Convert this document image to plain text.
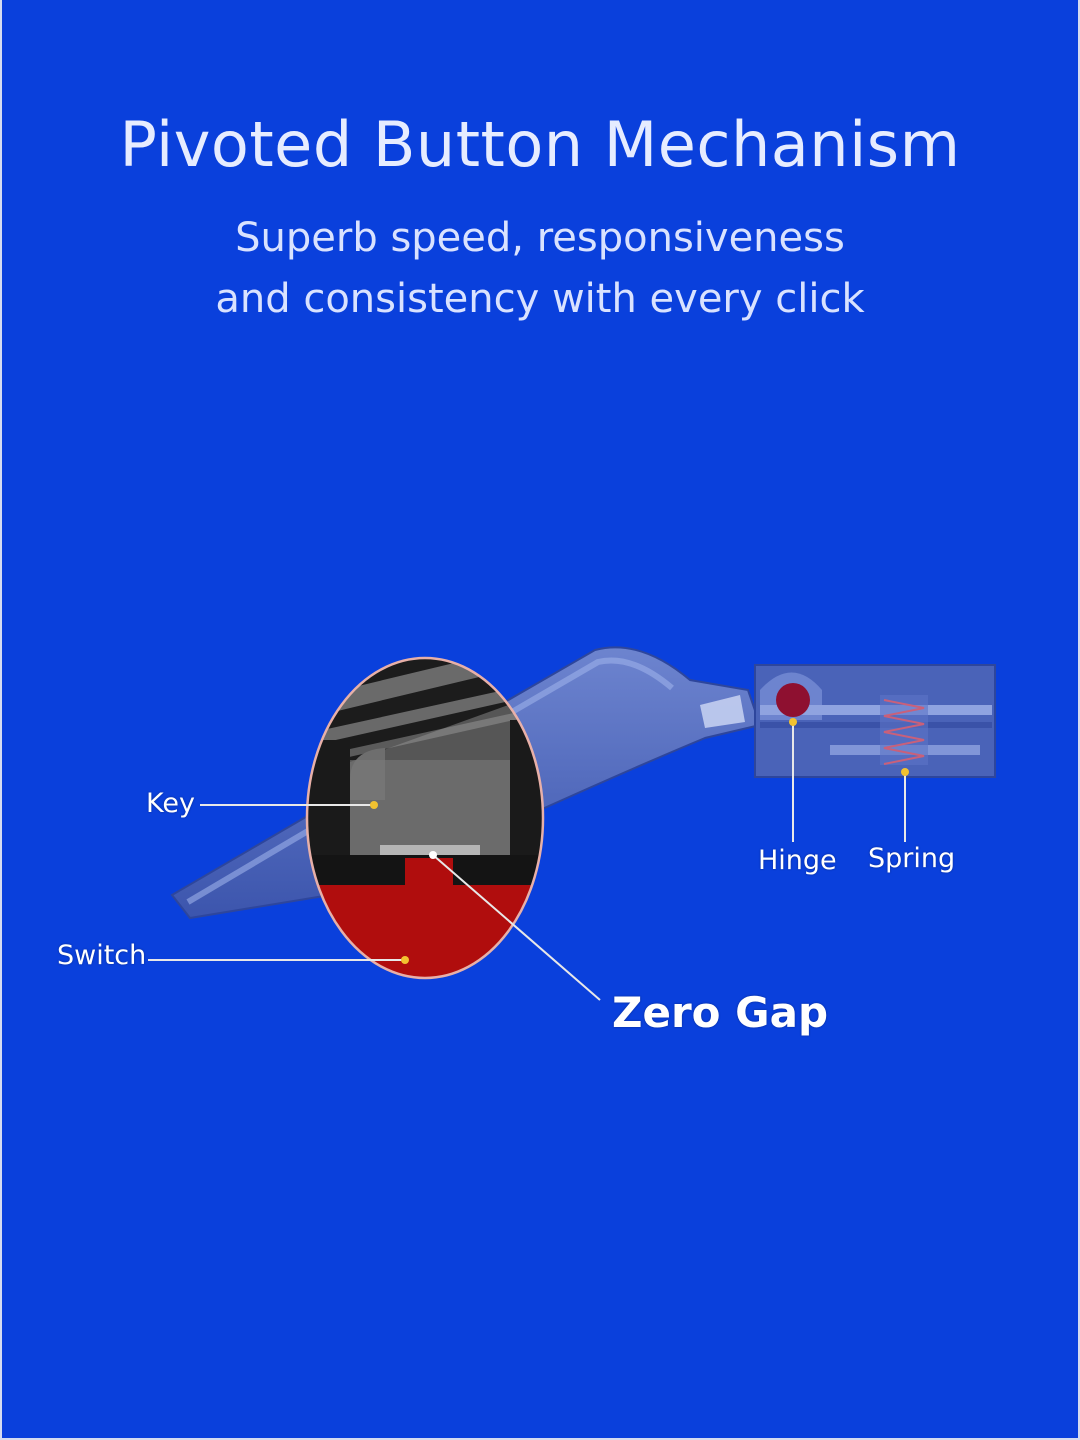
Pivoted Button Mechanism
Superb speed, responsiveness
and consistency with every click
Key
Switch
Zero Gap
Hinge Spring
